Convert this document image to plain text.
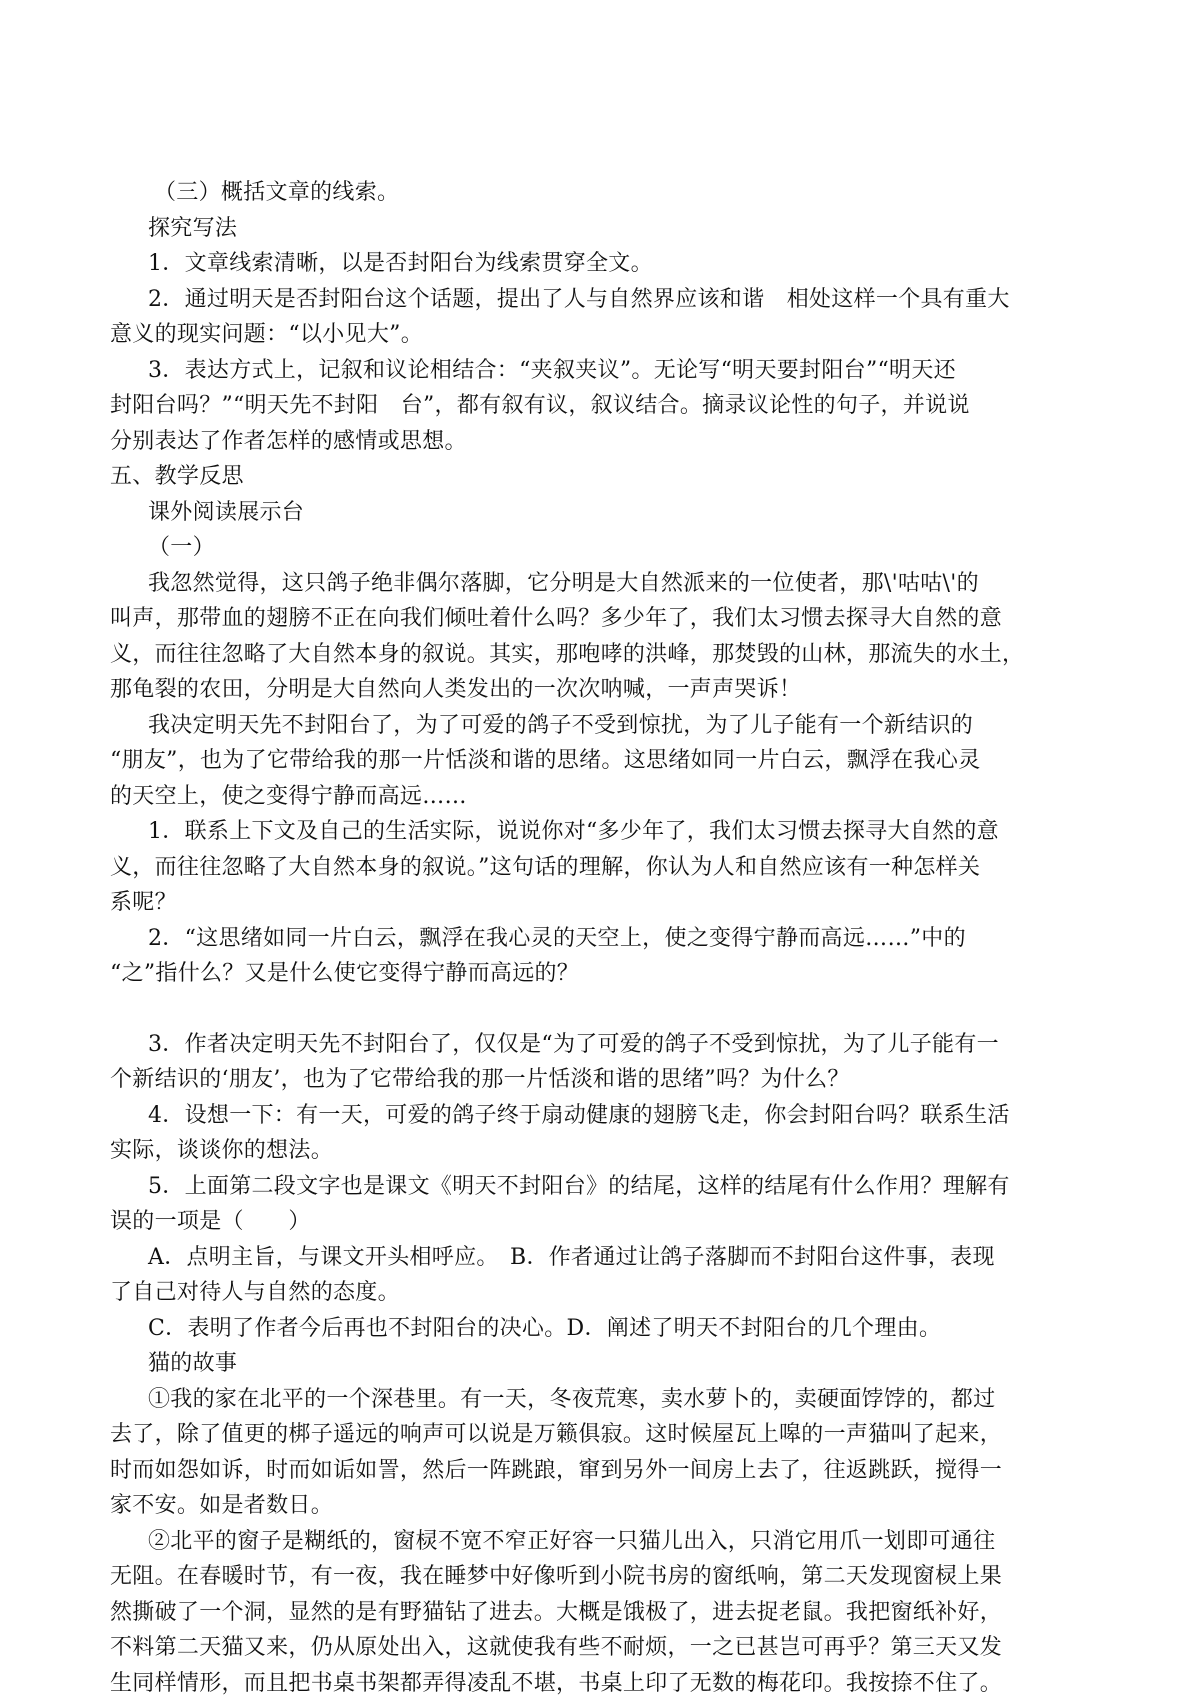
（三）概括文章的线索。
探究写法
1．文章线索清晰，以是否封阳台为线索贯穿全文。
2．通过明天是否封阳台这个话题，提出了人与自然界应该和谐　相处这样一个具有重大
意义的现实问题：“以小见大”。
3．表达方式上，记叙和议论相结合：“夹叙夹议”。无论写“明天要封阳台”“明天还
封阳台吗？”“明天先不封阳　台”，都有叙有议，叙议结合。摘录议论性的句子，并说说
分别表达了作者怎样的感情或思想。
五、教学反思
课外阅读展示台
（一）
我忽然觉得，这只鸽子绝非偶尔落脚，它分明是大自然派来的一位使者，那\'咕咕\'的
叫声，那带血的翅膀不正在向我们倾吐着什么吗？多少年了，我们太习惯去探寻大自然的意
义，而往往忽略了大自然本身的叙说。其实，那咆哮的洪峰，那焚毁的山林，那流失的水土，
那龟裂的农田，分明是大自然向人类发出的一次次呐喊，一声声哭诉！
我决定明天先不封阳台了，为了可爱的鸽子不受到惊扰，为了儿子能有一个新结识的
“朋友”，也为了它带给我的那一片恬淡和谐的思绪。这思绪如同一片白云，飘浮在我心灵
的天空上，使之变得宁静而高远……
1．联系上下文及自己的生活实际，说说你对“多少年了，我们太习惯去探寻大自然的意
义，而往往忽略了大自然本身的叙说。”这句话的理解，你认为人和自然应该有一种怎样关
系呢？
2．“这思绪如同一片白云，飘浮在我心灵的天空上，使之变得宁静而高远……”中的
“之”指什么？又是什么使它变得宁静而高远的？
3．作者决定明天先不封阳台了，仅仅是“为了可爱的鸽子不受到惊扰，为了儿子能有一
个新结识的‘朋友’，也为了它带给我的那一片恬淡和谐的思绪”吗？为什么？
4．设想一下：有一天，可爱的鸽子终于扇动健康的翅膀飞走，你会封阳台吗？联系生活
实际，谈谈你的想法。
5．上面第二段文字也是课文《明天不封阳台》的结尾，这样的结尾有什么作用？理解有
误的一项是（　　）
A．点明主旨，与课文开头相呼应。　B．作者通过让鸽子落脚而不封阳台这件事，表现
了自己对待人与自然的态度。
C．表明了作者今后再也不封阳台的决心。D．阐述了明天不封阳台的几个理由。
猫的故事
①我的家在北平的一个深巷里。有一天，冬夜荒寒，卖水萝卜的，卖硬面饽饽的，都过
去了，除了值更的梆子遥远的响声可以说是万籁俱寂。这时候屋瓦上嗥的一声猫叫了起来，
时而如怨如诉，时而如诟如詈，然后一阵跳踉，窜到另外一间房上去了，往返跳跃，搅得一
家不安。如是者数日。
②北平的窗子是糊纸的，窗棂不宽不窄正好容一只猫儿出入，只消它用爪一划即可通往
无阻。在春暖时节，有一夜，我在睡梦中好像听到小院书房的窗纸响，第二天发现窗棂上果
然撕破了一个洞，显然的是有野猫钻了进去。大概是饿极了，进去捉老鼠。我把窗纸补好，
不料第二天猫又来，仍从原处出入，这就使我有些不耐烦，一之已甚岂可再乎？第三天又发
生同样情形，而且把书桌书架都弄得凌乱不堪，书桌上印了无数的梅花印。我按捺不住了。
